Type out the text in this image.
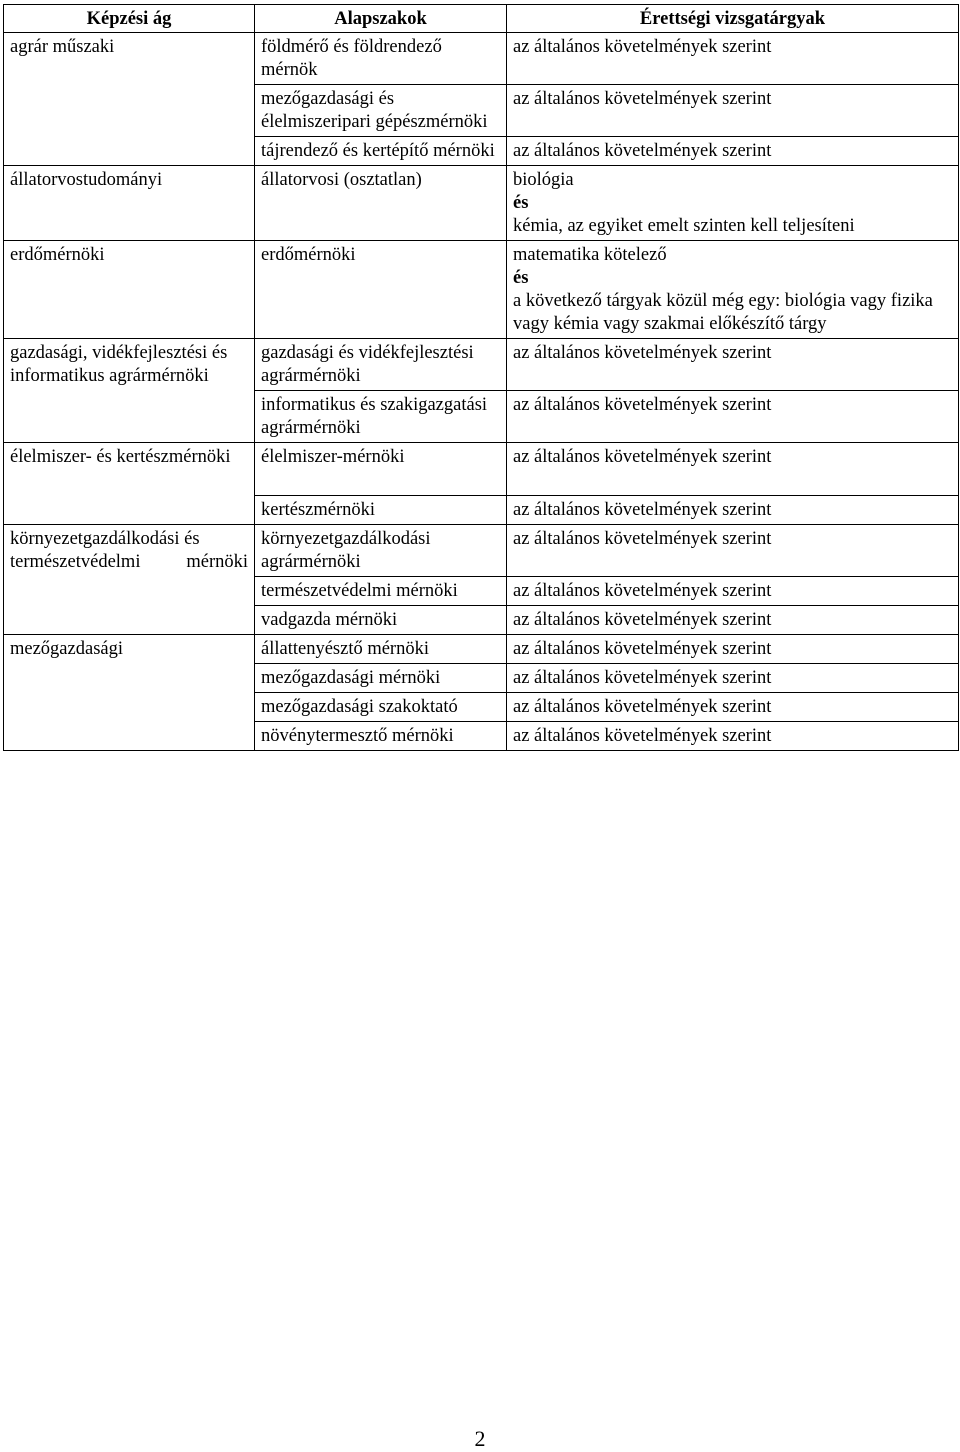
Képzési ág	Alapszakok	Érettségi vizsgatárgyak
agrár műszaki	földmérő és földrendező mérnök	az általános követelmények szerint
	mezőgazdasági és élelmiszeripari gépészmérnöki	az általános követelmények szerint
	tájrendező és kertépítő mérnöki	az általános követelmények szerint
állatorvostudományi	állatorvosi (osztatlan)	biológia
és
kémia, az egyiket emelt szinten kell teljesíteni

erdőmérnöki	erdőmérnöki	matematika kötelező
és
a következő tárgyak közül még egy: biológia vagy fizika vagy kémia vagy szakmai előkészítő tárgy

gazdasági, vidékfejlesztési és informatikus agrármérnöki	gazdasági és vidékfejlesztési agrármérnöki	az általános követelmények szerint
	informatikus és szakigazgatási agrármérnöki	az általános követelmények szerint
élelmiszer- és kertészmérnöki	élelmiszer-mérnöki	az általános követelmények szerint
	kertészmérnöki	az általános követelmények szerint
környezetgazdálkodási és természetvédelmi mérnöki	környezetgazdálkodási agrármérnöki	az általános követelmények szerint
	természetvédelmi mérnöki	az általános követelmények szerint
	vadgazda mérnöki	az általános követelmények szerint
mezőgazdasági	állattenyésztő mérnöki	az általános követelmények szerint
	mezőgazdasági mérnöki	az általános követelmények szerint
	mezőgazdasági szakoktató	az általános követelmények szerint
	növénytermesztő mérnöki	az általános követelmények szerint
2
